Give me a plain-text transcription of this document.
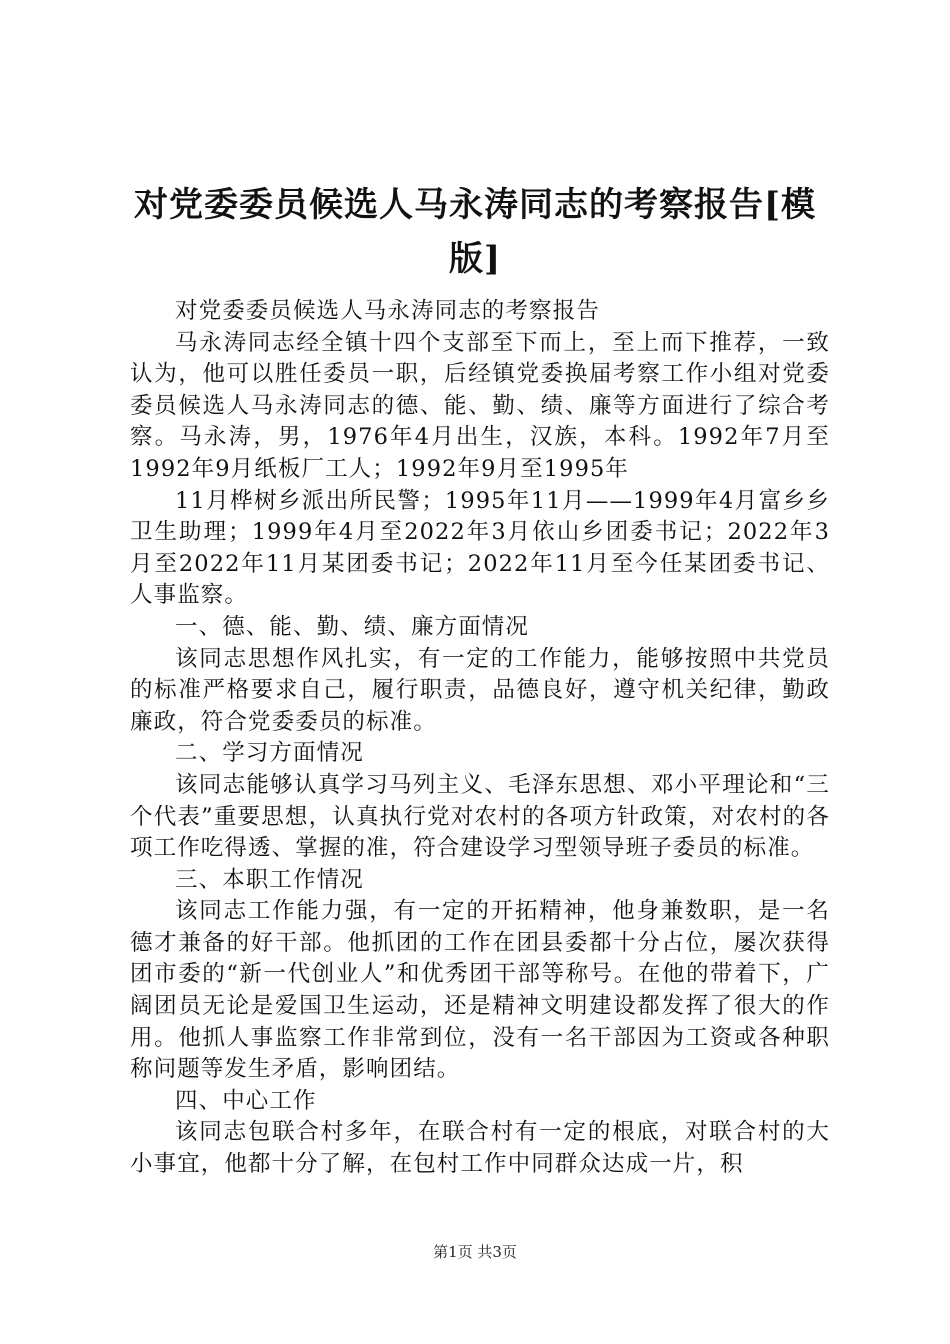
对党委委员候选人马永涛同志的考察报告[模版]

对党委委员候选人马永涛同志的考察报告

马永涛同志经全镇十四个支部至下而上，至上而下推荐，一致认为，他可以胜任委员一职，后经镇党委换届考察工作小组对党委委员候选人马永涛同志的德、能、勤、绩、廉等方面进行了综合考察。马永涛，男，1976年4月出生，汉族，本科。1992年7月至1992年9月纸板厂工人；1992年9月至1995年

11月桦树乡派出所民警；1995年11月——1999年4月富乡乡卫生助理；1999年4月至2022年3月依山乡团委书记；2022年3月至2022年11月某团委书记；2022年11月至今任某团委书记、人事监察。

一、德、能、勤、绩、廉方面情况

该同志思想作风扎实，有一定的工作能力，能够按照中共党员的标准严格要求自己，履行职责，品德良好，遵守机关纪律，勤政廉政，符合党委委员的标准。

二、学习方面情况

该同志能够认真学习马列主义、毛泽东思想、邓小平理论和“三个代表”重要思想，认真执行党对农村的各项方针政策，对农村的各项工作吃得透、掌握的准，符合建设学习型领导班子委员的标准。

三、本职工作情况

该同志工作能力强，有一定的开拓精神，他身兼数职，是一名德才兼备的好干部。他抓团的工作在团县委都十分占位，屡次获得团市委的“新一代创业人”和优秀团干部等称号。在他的带着下，广阔团员无论是爱国卫生运动，还是精神文明建设都发挥了很大的作用。他抓人事监察工作非常到位，没有一名干部因为工资或各种职称问题等发生矛盾，影响团结。

四、中心工作

该同志包联合村多年，在联合村有一定的根底，对联合村的大小事宜，他都十分了解，在包村工作中同群众达成一片，积

第1页 共3页
